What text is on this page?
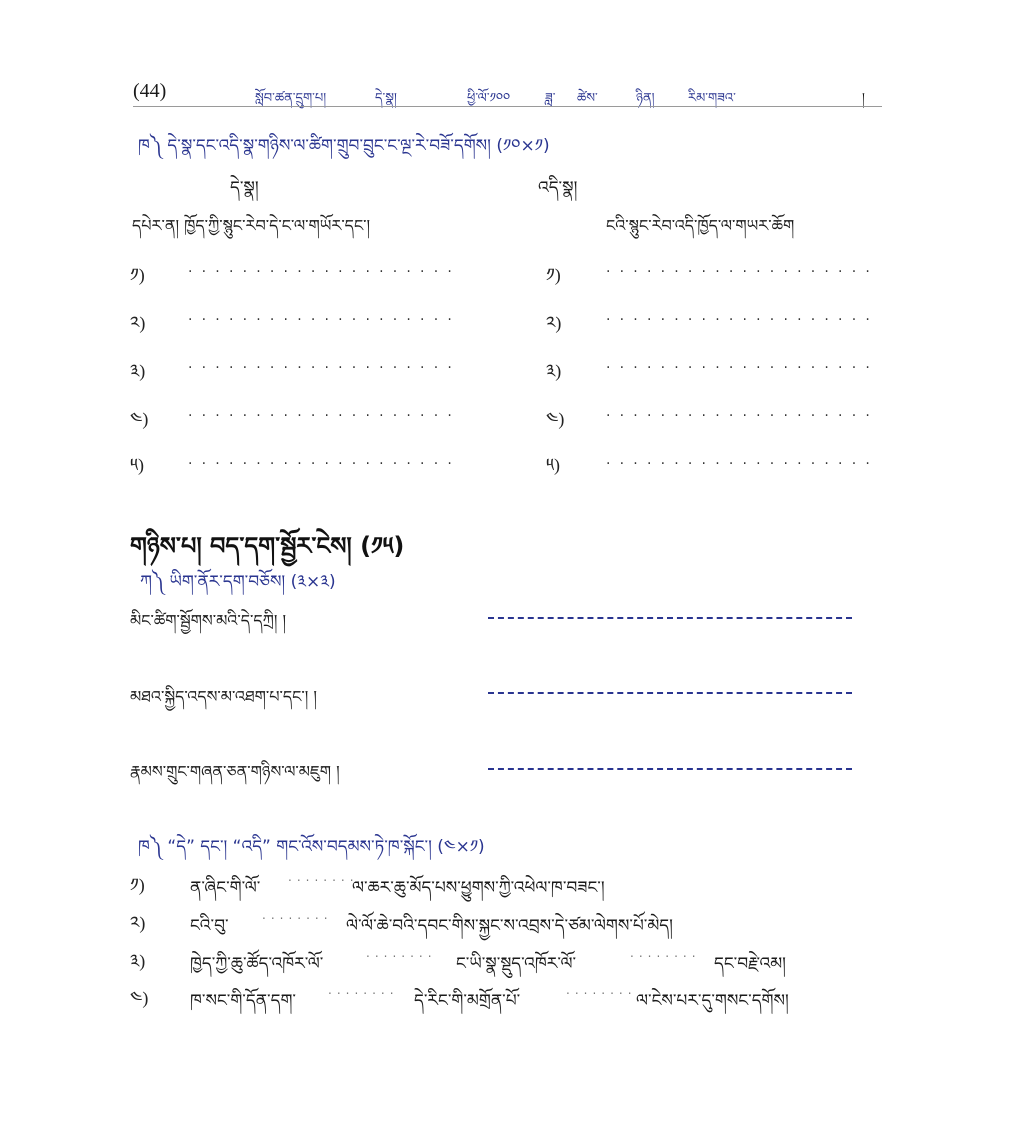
(44)	སློབ་ཚན་དྲུག་པ།	དེ་སྣ།	ཕྱི་ལོ་༡༠༠	ཟླ་ ཚེས་	ཉིན།	རིམ་གཟའ་	།
ཁ༽ དེ་སྣ་དང་འདི་སྣ་གཉིས་ལ་ཚིག་གྲུབ་བྲུང་ང་ལྔ་རེ་བཟོ་དགོས། (༡༠×༡)
དེ་སྣ།	འདི་སྣ།
དཔེར་ན། ཁྱོད་ཀྱི་སྙུང་རེབ་དེ་ང་ལ་གཡོར་དང་།	ངའི་སྙུང་རེབ་འདི་ཁྱོད་ལ་གཡར་ཆོག
༡)	....................	༡)	....................
༢)	....................	༢)	....................
༣)	....................	༣)	....................
༤)	....................	༤)	....................
༥)	....................	༥)	....................
གཉིས་པ། བད་དག་སྦྱོར་ངེས། (༡༥)
ཀ༽ ཡིག་ནོར་དག་བཅོས། (༣×༣)
མིང་ཚིག་སྦྱོགས་མའི་དེ་དཀྲི། །
མཐའ་སྐྱིད་འདས་མ་འཐག་པ་དང་། །
རྣམས་གྲུང་གཞན་ཅན་གཉིས་ལ་མཇུག །
ཁ༽ “དེ” དང་། “འདི” གང་འོས་བདམས་ཏེ་ཁ་སྐོང་། (༤×༡)
༡)	ན་ཞིང་གི་ལོ་
........
ལ་ཆར་ཆུ་མོད་པས་ཕྱུགས་ཀྱི་འཕེལ་ཁ་བཟང་།
༢)	ངའི་བུ་
........
ལེ་ལོ་ཆེ་བའི་དབང་གིས་སྐྱང་ས་འབྲས་དེ་ཙམ་ལེགས་པོ་མེད།
༣)	ཁྱེད་ཀྱི་ཆུ་ཚོད་འཁོར་ལོ་
........
ང་ཡི་སྣ་སྡུད་འཁོར་ལོ་
........
དང་བརྗེ་འམ།
༤) ཁ་སང་གི་དོན་དག་
........
དེ་རིང་གི་མགྲོན་པོ་
........
ལ་ངེས་པར་དུ་གསང་དགོས།
